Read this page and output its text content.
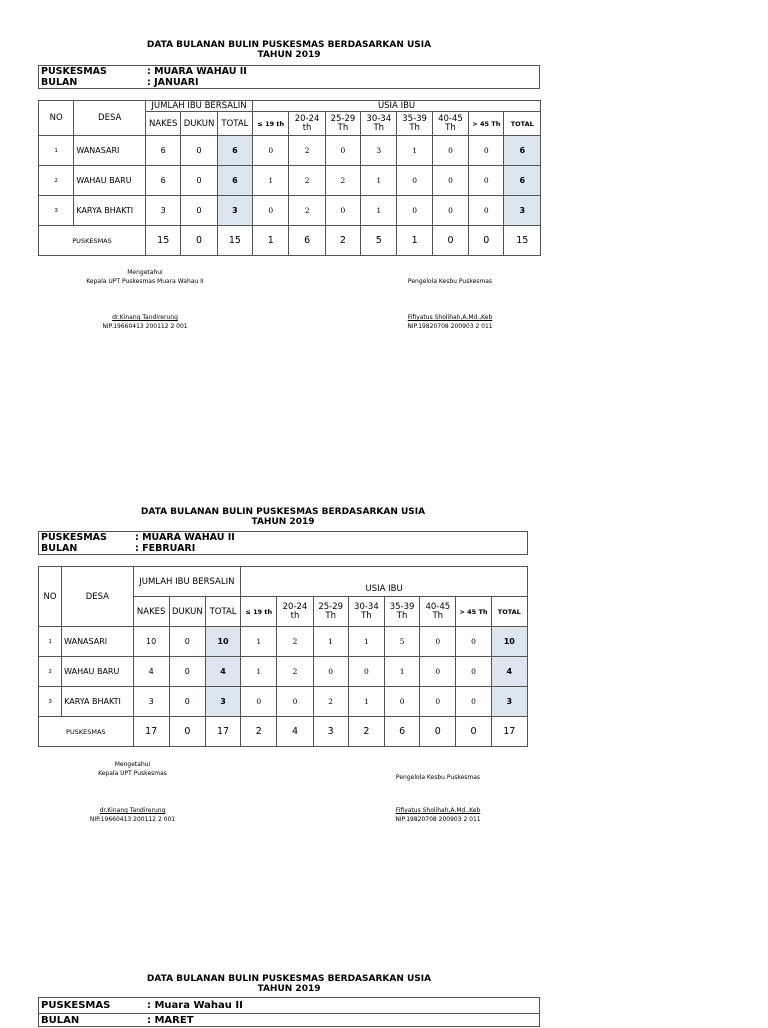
DATA BULANAN BULIN PUSKESMAS BERDASARKAN USIA
TAHUN 2019
PUSKESMAS	: MUARA WAHAU II
BULAN	: JANUARI
NO	DESA	JUMLAH IBU BERSALIN			USIA IBU							
		NAKES	DUKUN	TOTAL	≤ 19 th	20-24 th	25-29 Th	30-34 Th	35-39 Th	40-45 Th	> 45 Th	TOTAL
1	WANASARI	6	0	6	0	2	0	3	1	0	0	6
2	WAHAU BARU	6	0	6	1	2	2	1	0	0	0	6
3	KARYA BHAKTI	3	0	3	0	2	0	1	0	0	0	3
PUSKESMAS		15	0	15	1	6	2	5	1	0	0	15
Mengetahui
Kepala UPT Puskesmas Muara Wahau II
dr.Kinang Tandirerung
NIP.19660413 200112 2 001
Pengelola Kesbu Puskesmas
Fifiyatus Sholihah,A.Md.,Keb
NIP.19820708 200903 2 011
DATA BULANAN BULIN PUSKESMAS BERDASARKAN USIA
TAHUN 2019
PUSKESMAS	: MUARA WAHAU II
BULAN	: FEBRUARI
NO	DESA	JUMLAH IBU BERSALIN			USIA IBU							
		NAKES	DUKUN	TOTAL	≤ 19 th	20-24 th	25-29 Th	30-34 Th	35-39 Th	40-45 Th	> 45 Th	TOTAL
1	WANASARI	10	0	10	1	2	1	1	5	0	0	10
2	WAHAU BARU	4	0	4	1	2	0	0	1	0	0	4
3	KARYA BHAKTI	3	0	3	0	0	2	1	0	0	0	3
PUSKESMAS		17	0	17	2	4	3	2	6	0	0	17
Mengetahui
Kepala UPT Puskesmas
dr.Kinang Tandirerung
NIP.19660413 200112 2 001
Pengelola Kesbu Puskesmas
Fifiyatus Sholihah,A.Md.,Keb
NIP.19820708 200903 2 011
DATA BULANAN BULIN PUSKESMAS BERDASARKAN USIA
TAHUN 2019
PUSKESMAS	: Muara Wahau II
BULAN	: MARET
